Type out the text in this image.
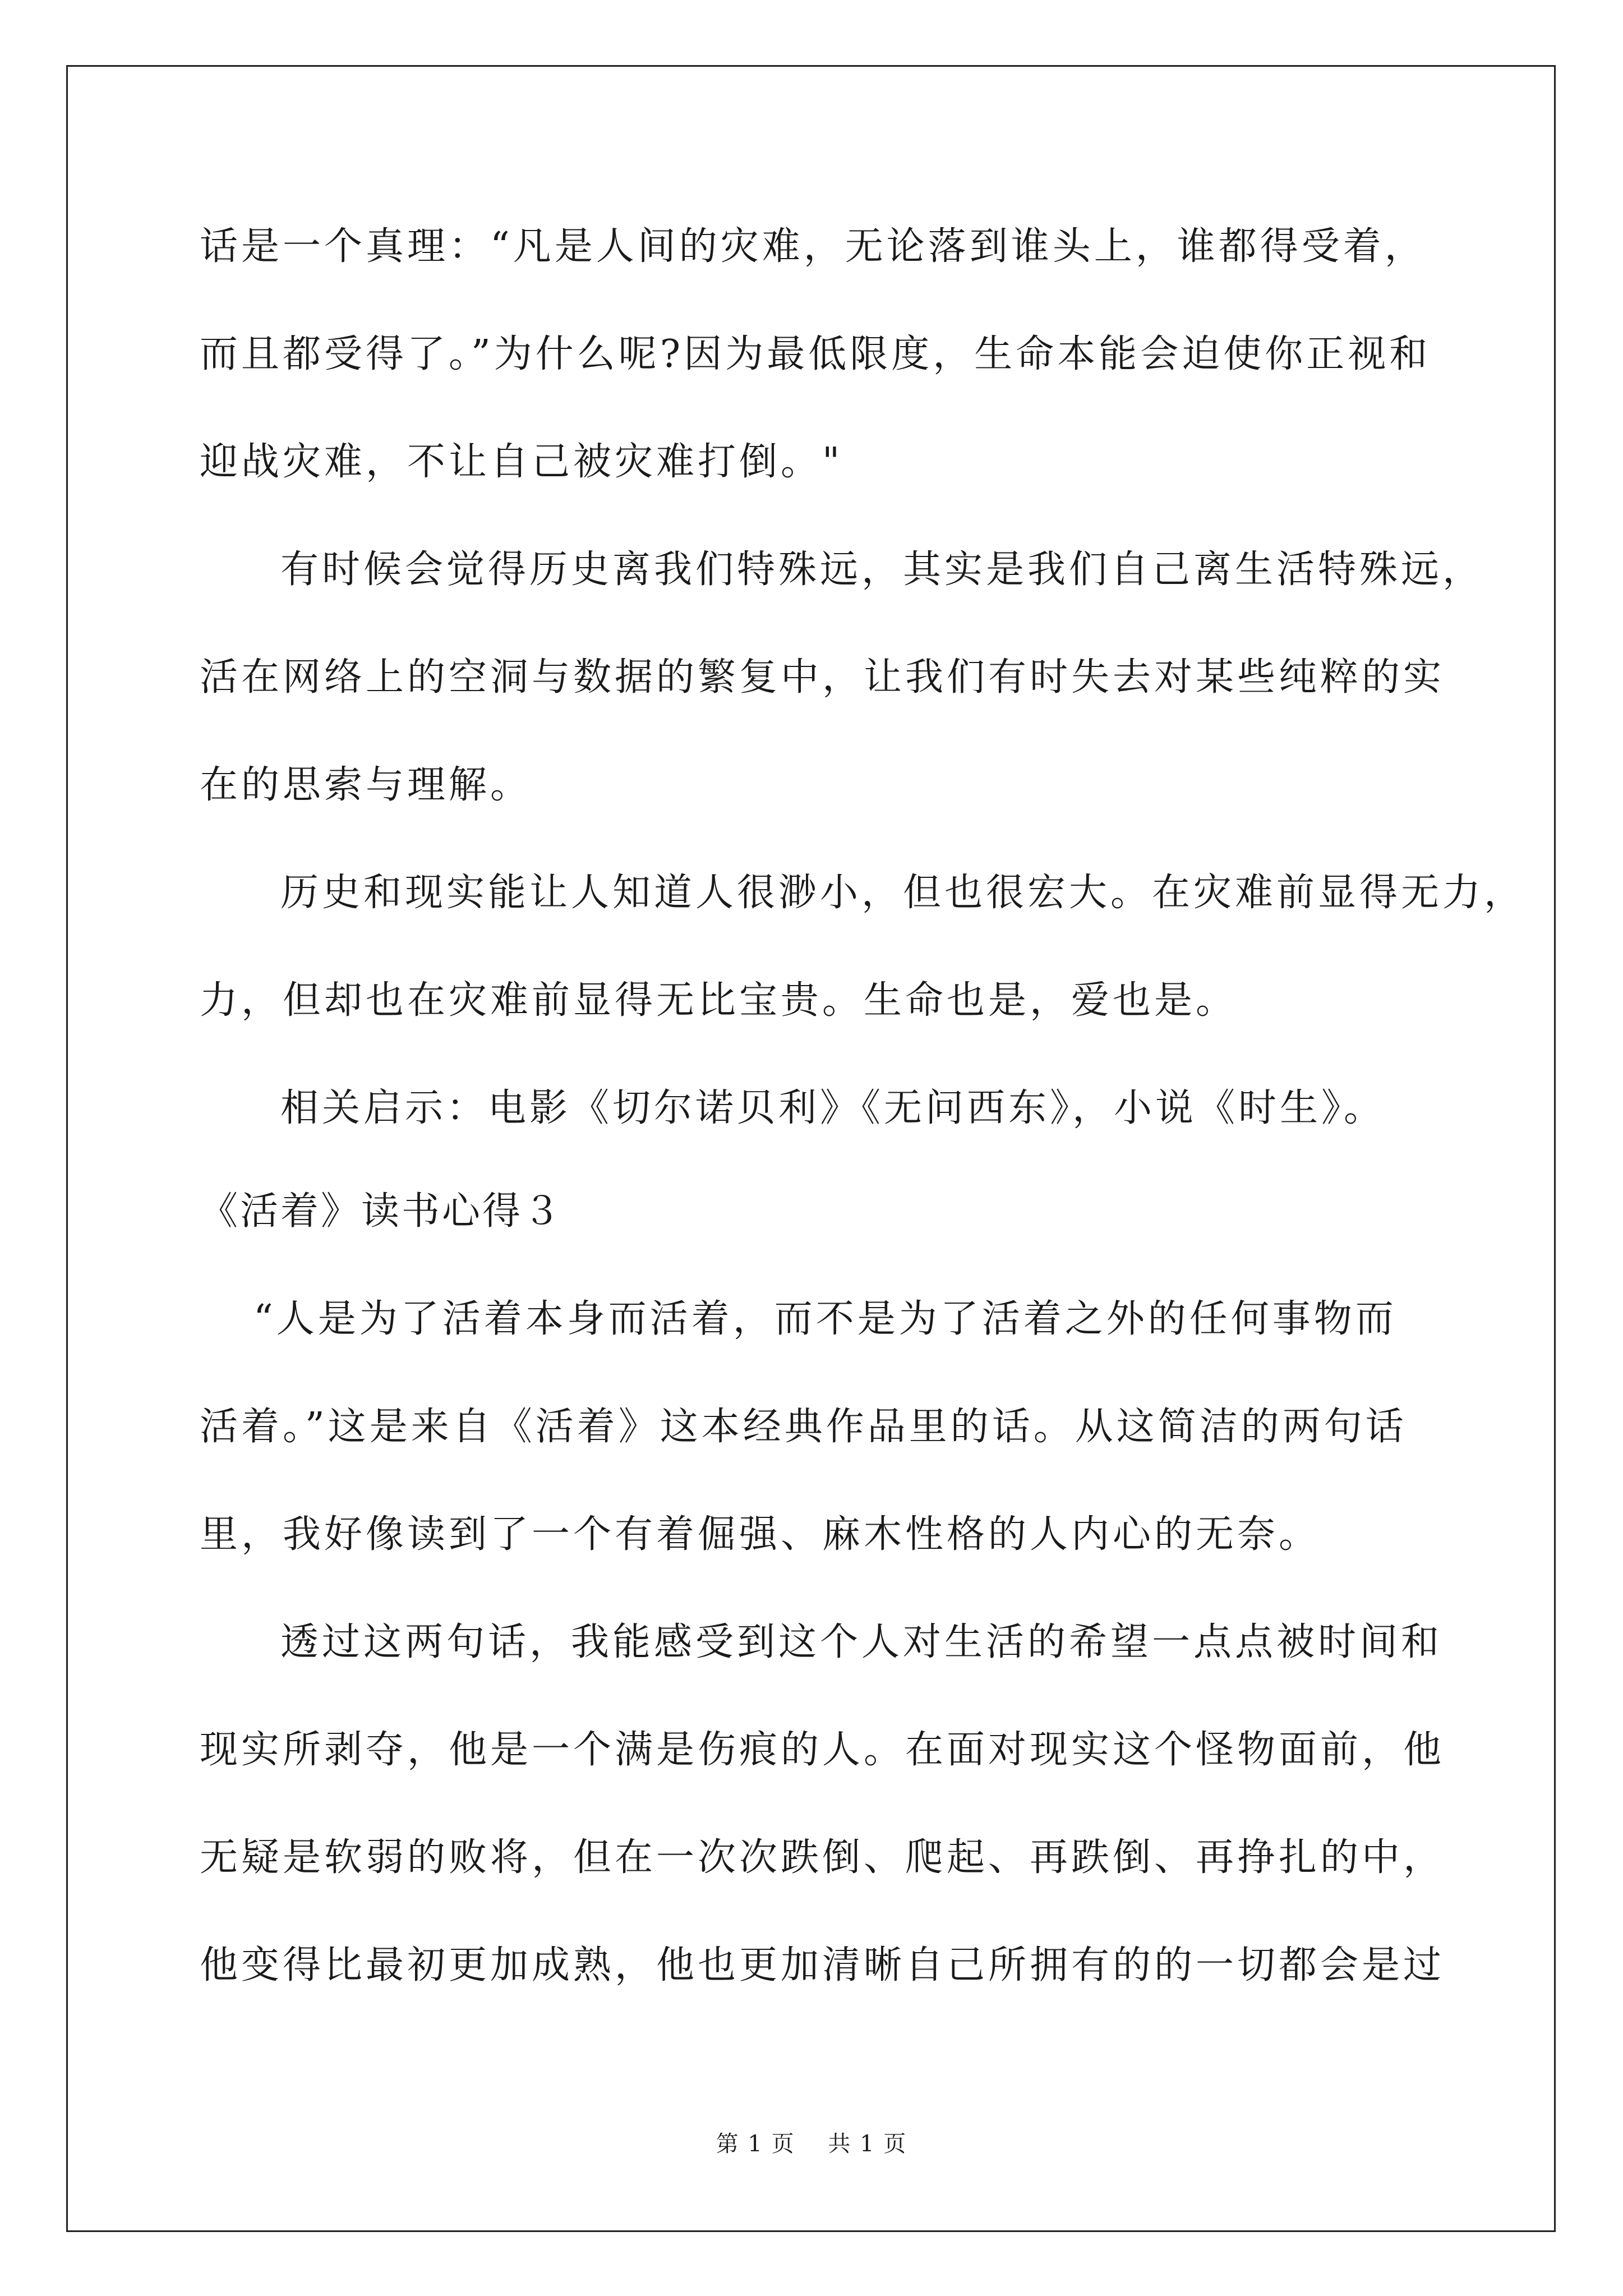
话是一个真理：“凡是人间的灾难，无论落到谁头上，谁都得受着，
而且都受得了。”为什么呢?因为最低限度，生命本能会迫使你正视和
迎战灾难，不让自己被灾难打倒。"
有时候会觉得历史离我们特殊远，其实是我们自己离生活特殊远，
活在网络上的空洞与数据的繁复中，让我们有时失去对某些纯粹的实
在的思索与理解。
历史和现实能让人知道人很渺小，但也很宏大。在灾难前显得无力，
力，但却也在灾难前显得无比宝贵。生命也是，爱也是。
相关启示：电影《切尔诺贝利》《无问西东》，小说《时生》。
《活着》读书心得３
“人是为了活着本身而活着，而不是为了活着之外的任何事物而
活着。”这是来自《活着》这本经典作品里的话。从这简洁的两句话
里，我好像读到了一个有着倔强、麻木性格的人内心的无奈。
透过这两句话，我能感受到这个人对生活的希望一点点被时间和
现实所剥夺，他是一个满是伤痕的人。在面对现实这个怪物面前，他
无疑是软弱的败将，但在一次次跌倒、爬起、再跌倒、再挣扎的中，
他变得比最初更加成熟，他也更加清晰自己所拥有的的一切都会是过
第 1 页    共 1 页
